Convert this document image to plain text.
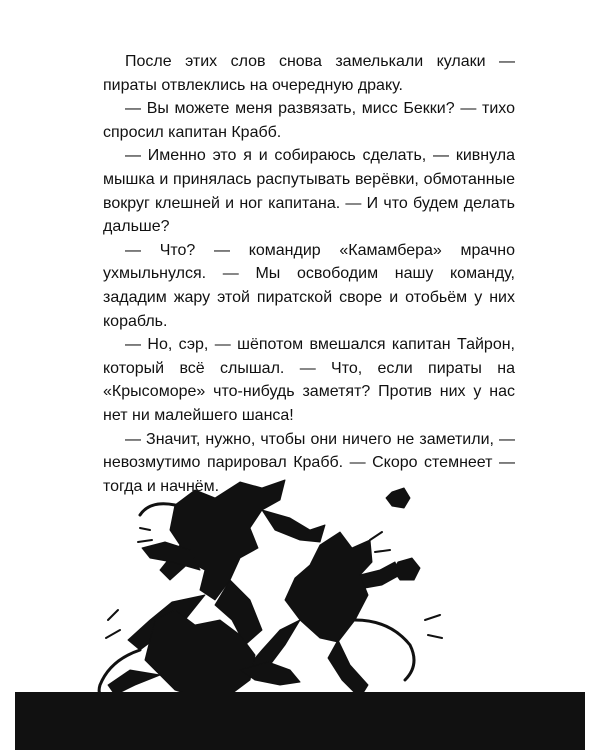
После этих слов снова замелькали кулаки — пираты отвлеклись на очередную драку.

— Вы можете меня развязать, мисс Бекки? — тихо спросил капитан Крабб.

— Именно это я и собираюсь сделать, — кивнула мышка и принялась распутывать верёвки, обмотанные вокруг клешней и ног капитана. — И что будем делать дальше?

— Что? — командир «Камамбера» мрачно ухмыльнулся. — Мы освободим нашу команду, зададим жару этой пиратской своре и отобьём у них корабль.

— Но, сэр, — шёпотом вмешался капитан Тайрон, который всё слышал. — Что, если пираты на «Крысоморе» что-нибудь заметят? Против них у нас нет ни малейшего шанса!

— Значит, нужно, чтобы они ничего не заметили, — невозмутимо парировал Крабб. — Скоро стемнеет — тогда и начнём.
